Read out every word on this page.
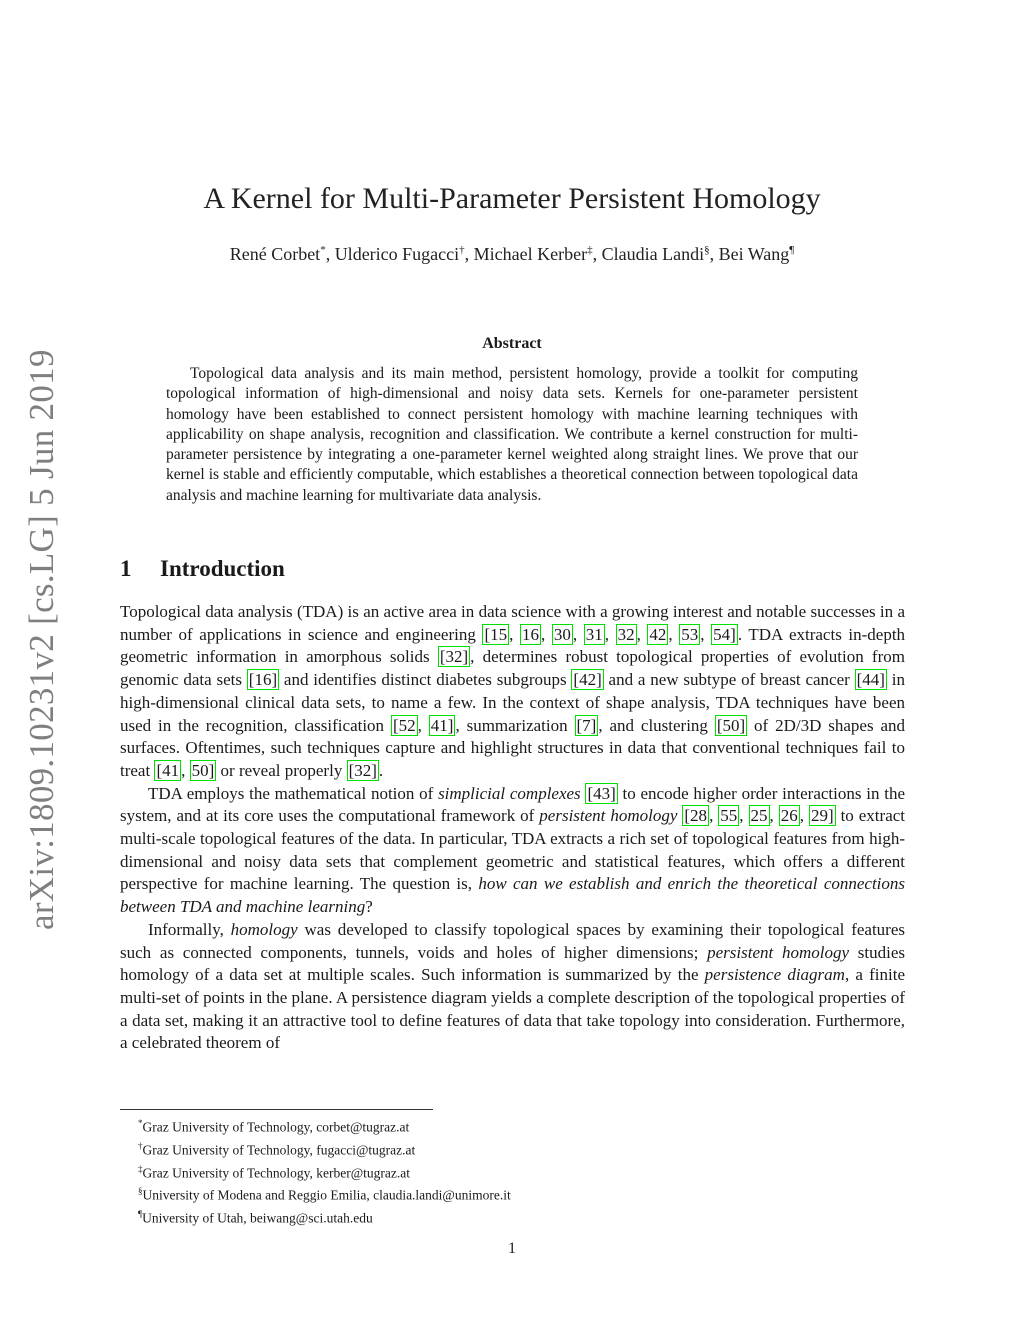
arXiv:1809.10231v2 [cs.LG] 5 Jun 2019
A Kernel for Multi-Parameter Persistent Homology
René Corbet*, Ulderico Fugacci†, Michael Kerber‡, Claudia Landi§, Bei Wang¶
Abstract
Topological data analysis and its main method, persistent homology, provide a toolkit for computing topological information of high-dimensional and noisy data sets. Kernels for one-parameter persistent homology have been established to connect persistent homology with machine learning techniques with applicability on shape analysis, recognition and classification. We contribute a kernel construction for multi-parameter persistence by integrating a one-parameter kernel weighted along straight lines. We prove that our kernel is stable and efficiently computable, which establishes a theoretical connection between topological data analysis and machine learning for multivariate data analysis.
1 Introduction

Topological data analysis (TDA) is an active area in data science with a growing interest and notable successes in a number of applications in science and engineering [15 , 16 , 30 , 31 , 32 , 42 , 53 , 54] . TDA extracts in-depth geometric information in amorphous solids [32] , determines robust topological properties of evolution from genomic data sets [16] and identifies distinct diabetes subgroups [42] and a new subtype of breast cancer [44] in high-dimensional clinical data sets, to name a few. In the context of shape analysis, TDA techniques have been used in the recognition, classification [52 , 41] , summarization [7] , and clustering [50] of 2D/3D shapes and surfaces. Oftentimes, such techniques capture and highlight structures in data that conventional techniques fail to treat [41 , 50] or reveal properly [32] .

TDA employs the mathematical notion of simplicial complexes [43] to encode higher order interactions in the system, and at its core uses the computational framework of persistent homology [28 , 55 , 25 , 26 , 29] to extract multi-scale topological features of the data. In particular, TDA extracts a rich set of topological features from high-dimensional and noisy data sets that complement geometric and statistical features, which offers a different perspective for machine learning. The question is, how can we establish and enrich the theoretical connections between TDA and machine learning?

Informally, homology was developed to classify topological spaces by examining their topological features such as connected components, tunnels, voids and holes of higher dimensions; persistent homology studies homology of a data set at multiple scales. Such information is summarized by the persistence diagram, a finite multi-set of points in the plane. A persistence diagram yields a complete description of the topological properties of a data set, making it an attractive tool to define features of data that take topology into consideration. Furthermore, a celebrated theorem of

*Graz University of Technology, corbet@tugraz.at
†Graz University of Technology, fugacci@tugraz.at
‡Graz University of Technology, kerber@tugraz.at
§University of Modena and Reggio Emilia, claudia.landi@unimore.it
¶University of Utah, beiwang@sci.utah.edu
1
